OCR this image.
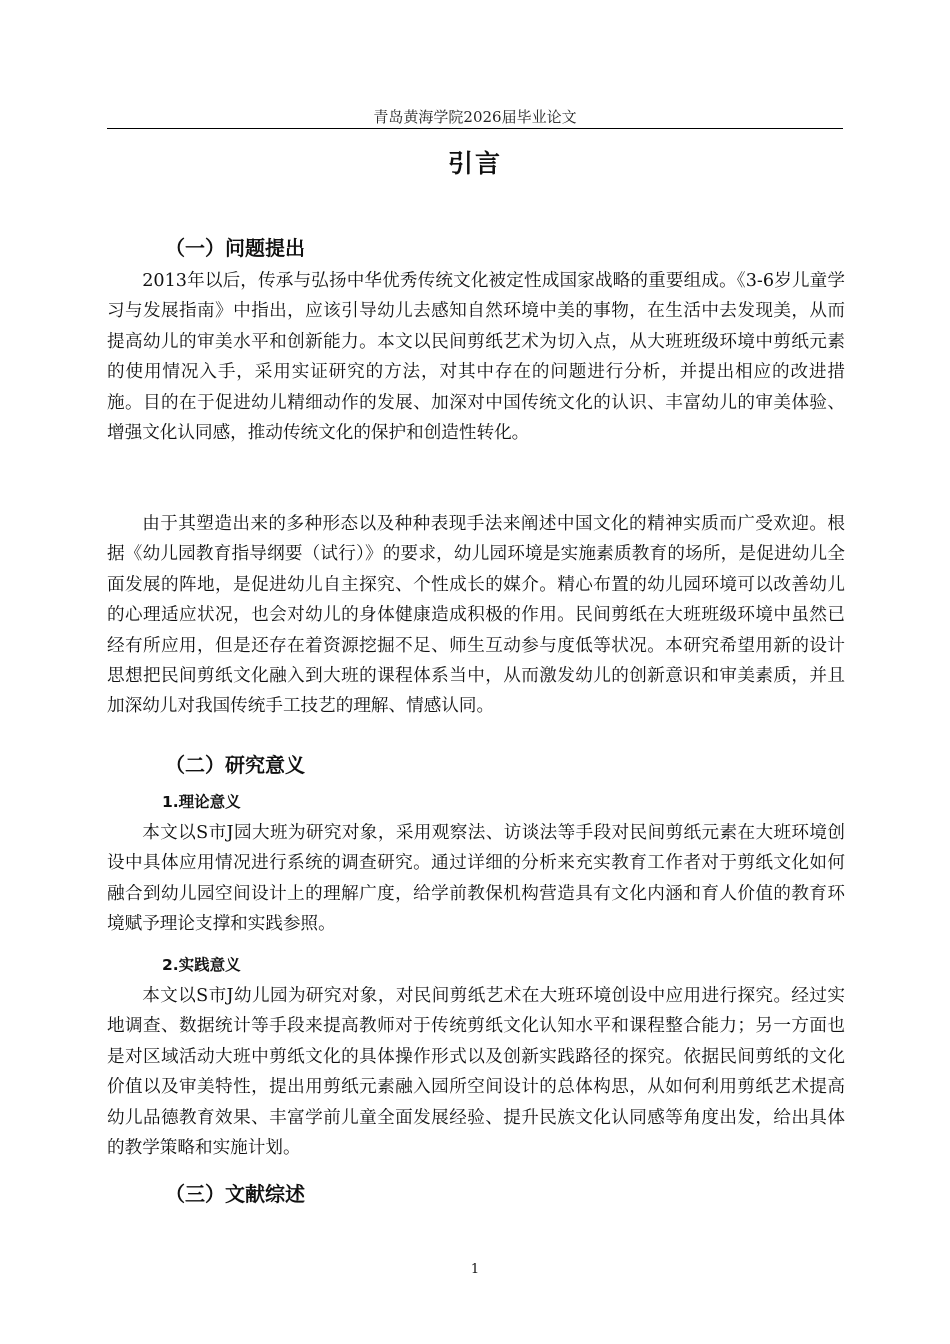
青岛黄海学院2026届毕业论文
引言
（一）问题提出

2013年以后，传承与弘扬中华优秀传统文化被定性成国家战略的重要组成。《3-6岁儿童学习与发展指南》中指出，应该引导幼儿去感知自然环境中美的事物，在生活中去发现美，从而提高幼儿的审美水平和创新能力。本文以民间剪纸艺术为切入点，从大班班级环境中剪纸元素的使用情况入手，采用实证研究的方法，对其中存在的问题进行分析，并提出相应的改进措施。目的在于促进幼儿精细动作的发展、加深对中国传统文化的认识、丰富幼儿的审美体验、增强文化认同感，推动传统文化的保护和创造性转化。

由于其塑造出来的多种形态以及种种表现手法来阐述中国文化的精神实质而广受欢迎。根据《幼儿园教育指导纲要（试行）》的要求，幼儿园环境是实施素质教育的场所，是促进幼儿全面发展的阵地，是促进幼儿自主探究、个性成长的媒介。精心布置的幼儿园环境可以改善幼儿的心理适应状况，也会对幼儿的身体健康造成积极的作用。民间剪纸在大班班级环境中虽然已经有所应用，但是还存在着资源挖掘不足、师生互动参与度低等状况。本研究希望用新的设计思想把民间剪纸文化融入到大班的课程体系当中，从而激发幼儿的创新意识和审美素质，并且加深幼儿对我国传统手工技艺的理解、情感认同。

（二）研究意义
1.理论意义

本文以S市J园大班为研究对象，采用观察法、访谈法等手段对民间剪纸元素在大班环境创设中具体应用情况进行系统的调查研究。通过详细的分析来充实教育工作者对于剪纸文化如何融合到幼儿园空间设计上的理解广度，给学前教保机构营造具有文化内涵和育人价值的教育环境赋予理论支撑和实践参照。

2.实践意义

本文以S市J幼儿园为研究对象，对民间剪纸艺术在大班环境创设中应用进行探究。经过实地调查、数据统计等手段来提高教师对于传统剪纸文化认知水平和课程整合能力；另一方面也是对区域活动大班中剪纸文化的具体操作形式以及创新实践路径的探究。依据民间剪纸的文化价值以及审美特性，提出用剪纸元素融入园所空间设计的总体构思，从如何利用剪纸艺术提高幼儿品德教育效果、丰富学前儿童全面发展经验、提升民族文化认同感等角度出发，给出具体的教学策略和实施计划。

（三）文献综述
1
